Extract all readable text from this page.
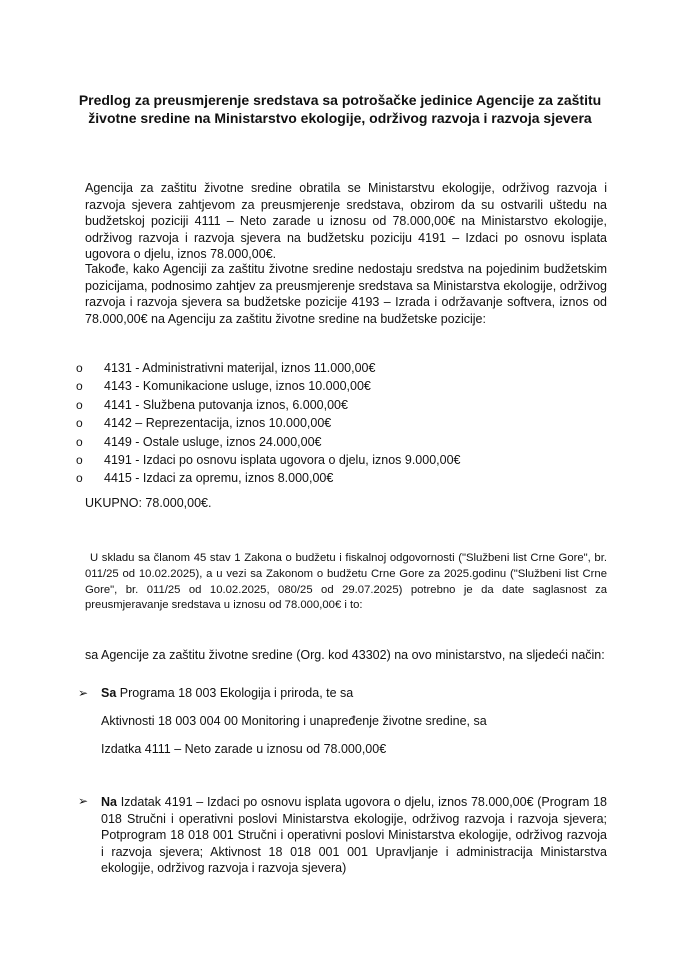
Predlog za preusmjerenje sredstava sa potrošačke jedinice Agencije za zaštitu životne sredine na Ministarstvo ekologije, održivog razvoja i razvoja sjevera
Agencija za zaštitu životne sredine obratila se Ministarstvu ekologije, održivog razvoja i razvoja sjevera zahtjevom za preusmjerenje sredstava, obzirom da su ostvarili uštedu na budžetskoj poziciji 4111 – Neto zarade u iznosu od 78.000,00€ na Ministarstvo ekologije, održivog razvoja i razvoja sjevera na budžetsku poziciju 4191 – Izdaci po osnovu isplata ugovora o djelu, iznos 78.000,00€.
Takođe, kako Agenciji za zaštitu životne sredine nedostaju sredstva na pojedinim budžetskim pozicijama, podnosimo zahtjev za preusmjerenje sredstava sa Ministarstva ekologije, održivog razvoja i razvoja sjevera sa budžetske pozicije 4193 – Izrada i održavanje softvera, iznos od 78.000,00€ na Agenciju za zaštitu životne sredine na budžetske pozicije:
o	4131 - Administrativni materijal, iznos 11.000,00€
o	4143 - Komunikacione usluge, iznos 10.000,00€
o	4141 - Službena putovanja iznos, 6.000,00€
o	4142 – Reprezentacija, iznos 10.000,00€
o	4149 - Ostale usluge, iznos 24.000,00€
o	4191 - Izdaci po osnovu isplata ugovora o djelu, iznos 9.000,00€
o	4415 - Izdaci za opremu, iznos 8.000,00€
UKUPNO: 78.000,00€.
U skladu sa članom 45 stav 1 Zakona o budžetu i fiskalnoj odgovornosti ("Službeni list Crne Gore", br. 011/25 od 10.02.2025), a u vezi sa Zakonom o budžetu Crne Gore za 2025.godinu ("Službeni list Crne Gore", br. 011/25 od 10.02.2025, 080/25 od 29.07.2025) potrebno je da date saglasnost za preusmjeravanje sredstava u iznosu od 78.000,00€ i to:
sa Agencije za zaštitu životne sredine (Org. kod 43302) na ovo ministarstvo, na sljedeći način:
➢ Sa Programa 18 003 Ekologija i priroda, te sa
Aktivnosti 18 003 004 00 Monitoring i unapređenje životne sredine, sa
Izdatka 4111 – Neto zarade u iznosu od 78.000,00€
➢ Na Izdatak 4191 – Izdaci po osnovu isplata ugovora o djelu, iznos 78.000,00€ (Program 18 018 Stručni i operativni poslovi Ministarstva ekologije, održivog razvoja i razvoja sjevera; Potprogram 18 018 001 Stručni i operativni poslovi Ministarstva ekologije, održivog razvoja i razvoja sjevera; Aktivnost 18 018 001 001 Upravljanje i administracija Ministarstva ekologije, održivog razvoja i razvoja sjevera)
